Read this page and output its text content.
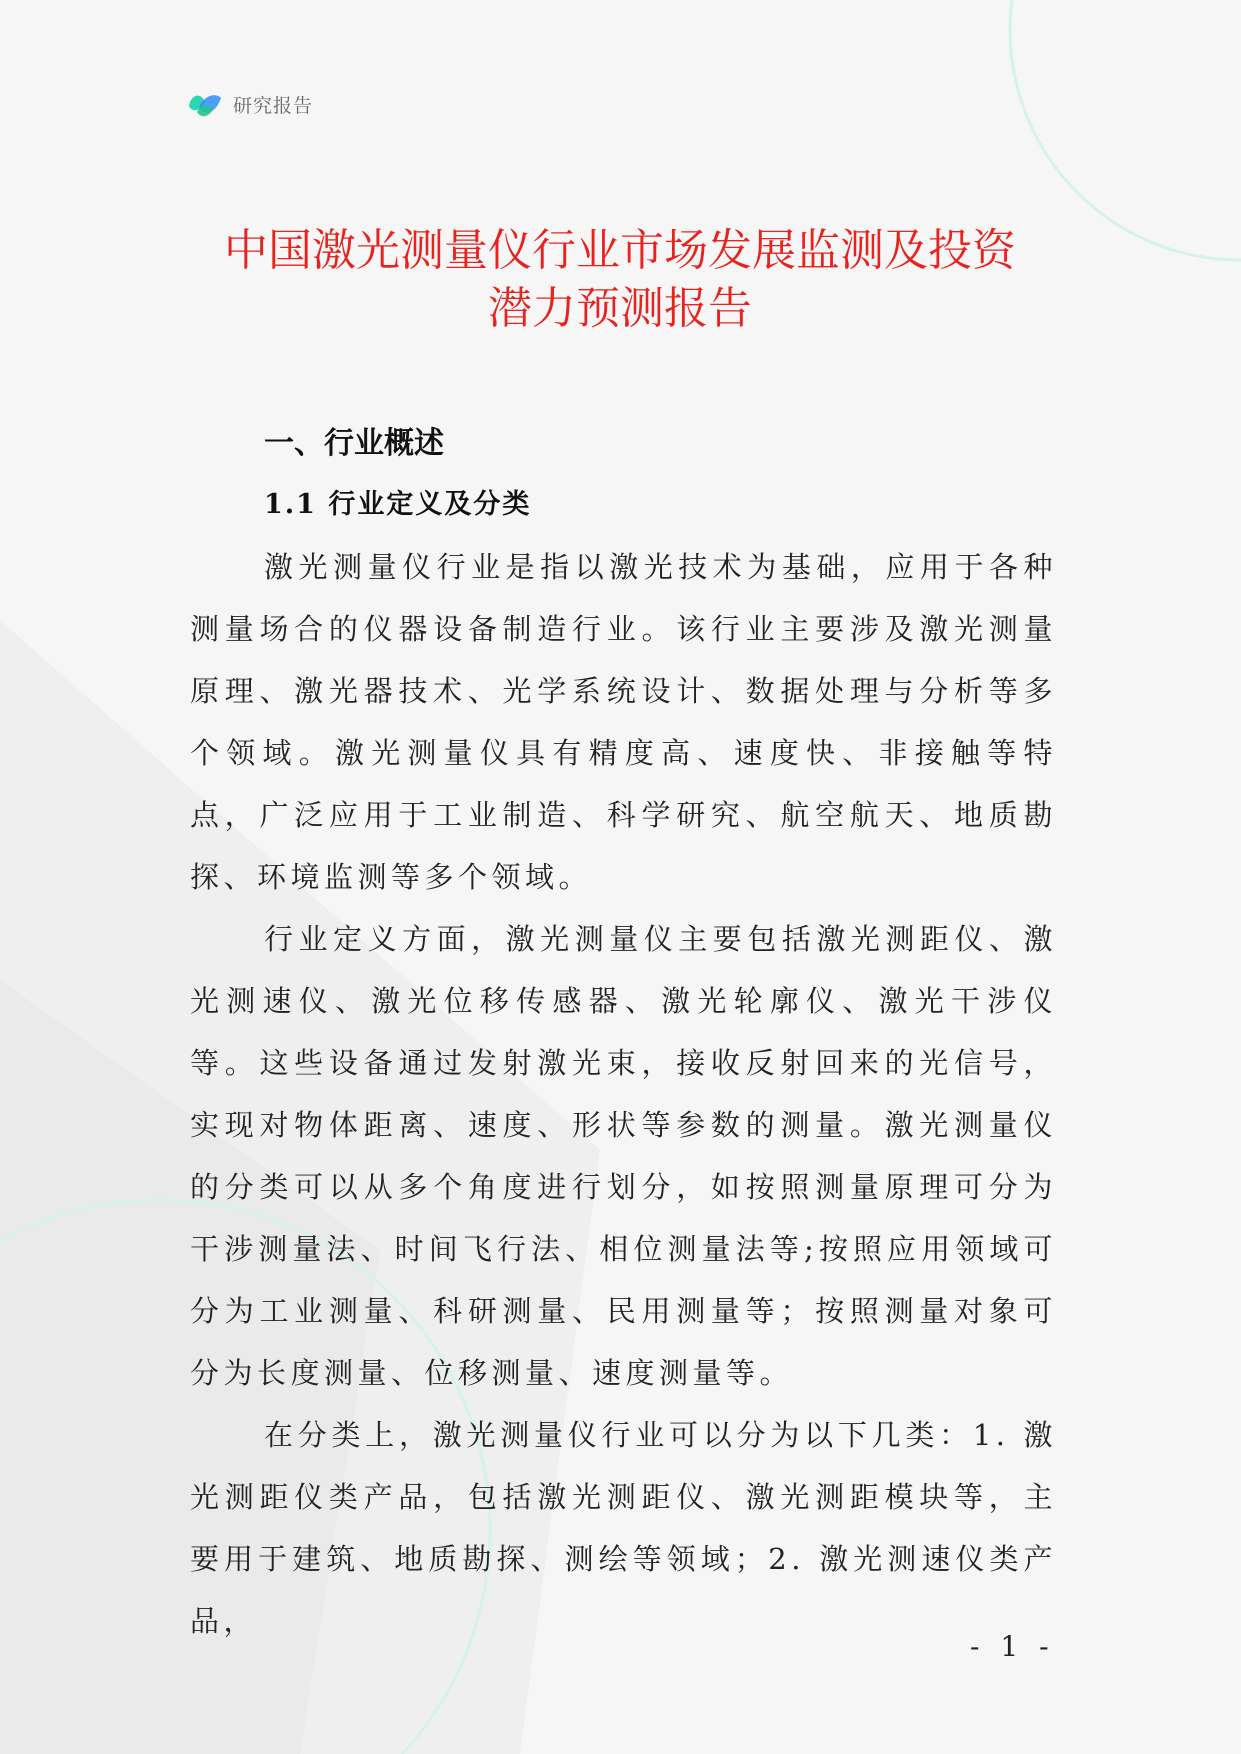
研究报告
中国激光测量仪行业市场发展监测及投资
潜力预测报告
一、行业概述
1.1 行业定义及分类

激光测量仪行业是指以激光技术为基础，应用于各种测量场合的仪器设备制造行业。该行业主要涉及激光测量原理、激光器技术、光学系统设计、数据处理与分析等多个领域。激光测量仪具有精度高、速度快、非接触等特点，广泛应用于工业制造、科学研究、航空航天、地质勘探、环境监测等多个领域。

行业定义方面，激光测量仪主要包括激光测距仪、激光测速仪、激光位移传感器、激光轮廓仪、激光干涉仪等。这些设备通过发射激光束，接收反射回来的光信号，实现对物体距离、速度、形状等参数的测量。激光测量仪的分类可以从多个角度进行划分，如按照测量原理可分为干涉测量法、时间飞行法、相位测量法等;按照应用领域可分为工业测量、科研测量、民用测量等；按照测量对象可分为长度测量、位移测量、速度测量等。

在分类上，激光测量仪行业可以分为以下几类：1. 激光测距仪类产品，包括激光测距仪、激光测距模块等，主要用于建筑、地质勘探、测绘等领域；2. 激光测速仪类产品，

- 1 -
